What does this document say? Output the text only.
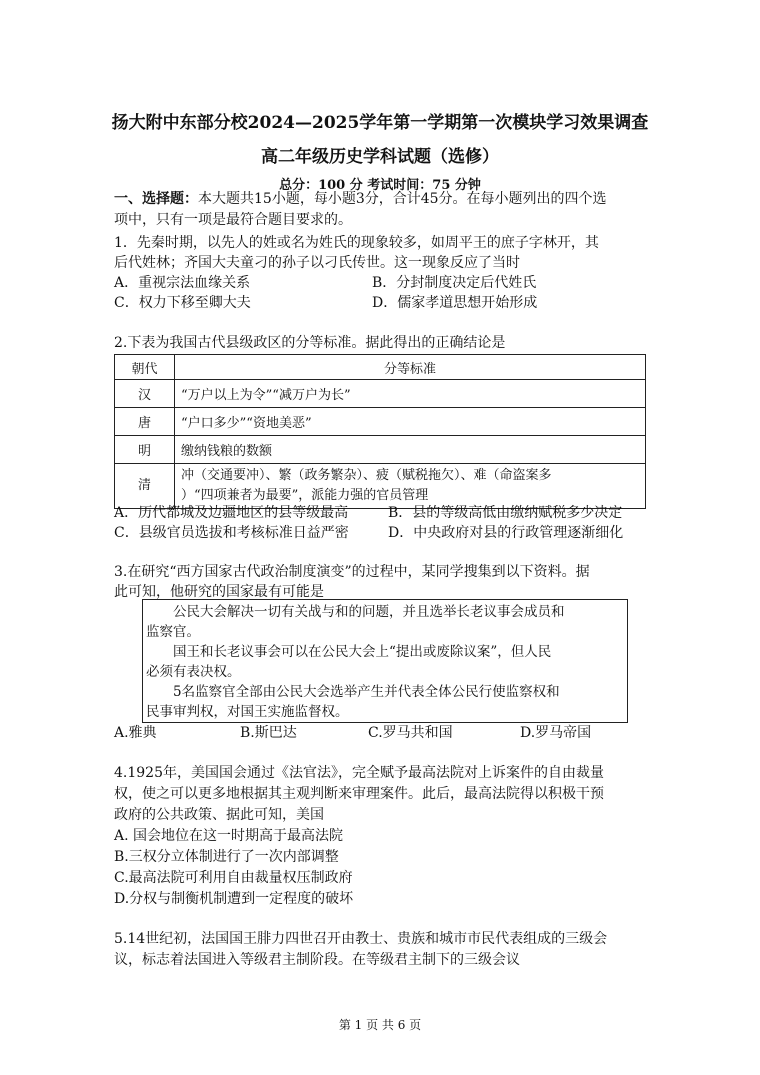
扬大附中东部分校2024—2025学年第一学期第一次模块学习效果调查
高二年级历史学科试题（选修）
总分：100 分 考试时间：75 分钟
一、选择题：本大题共15小题，每小题3分，合计45分。在每小题列出的四个选
项中，只有一项是最符合题目要求的。
1．先秦时期，以先人的姓或名为姓氏的现象较多，如周平王的庶子字林开，其
后代姓林；齐国大夫童刁的孙子以刁氏传世。这一现象反应了当时
A．重视宗法血缘关系	B．分封制度决定后代姓氏
C．权力下移至卿大夫	D．儒家孝道思想开始形成
2.下表为我国古代县级政区的分等标准。据此得出的正确结论是
朝代	分等标准
汉	“万户以上为令”“减万户为长”
唐	“户口多少”“资地美恶”
明	缴纳钱粮的数额
清	冲（交通要冲）、繁（政务繁杂）、疲（赋税拖欠）、难（命盗案多
）“四项兼者为最要”，派能力强的官员管理
A．历代都城及边疆地区的县等级最高	B．县的等级高低由缴纳赋税多少决定
C．县级官员选拔和考核标准日益严密	D．中央政府对县的行政管理逐渐细化
3.在研究“西方国家古代政治制度演变”的过程中，某同学搜集到以下资料。据
此可知，他研究的国家最有可能是
公民大会解决一切有关战与和的问题，并且选举长老议事会成员和
监察官。
国王和长老议事会可以在公民大会上“提出或废除议案”，但人民
必须有表决权。
5名监察官全部由公民大会选举产生并代表全体公民行使监察权和
民事审判权，对国王实施监督权。
A.雅典	B.斯巴达	C.罗马共和国	D.罗马帝国
4.1925年，美国国会通过《法官法》，完全赋予最高法院对上诉案件的自由裁量
权，使之可以更多地根据其主观判断来审理案件。此后，最高法院得以积极干预
政府的公共政策、据此可知，美国
A. 国会地位在这一时期高于最高法院
B.三权分立体制进行了一次内部调整
C.最高法院可利用自由裁量权压制政府
D.分权与制衡机制遭到一定程度的破坏
5.14世纪初，法国国王腓力四世召开由教士、贵族和城市市民代表组成的三级会
议，标志着法国进入等级君主制阶段。在等级君主制下的三级会议
第 1 页 共 6 页
